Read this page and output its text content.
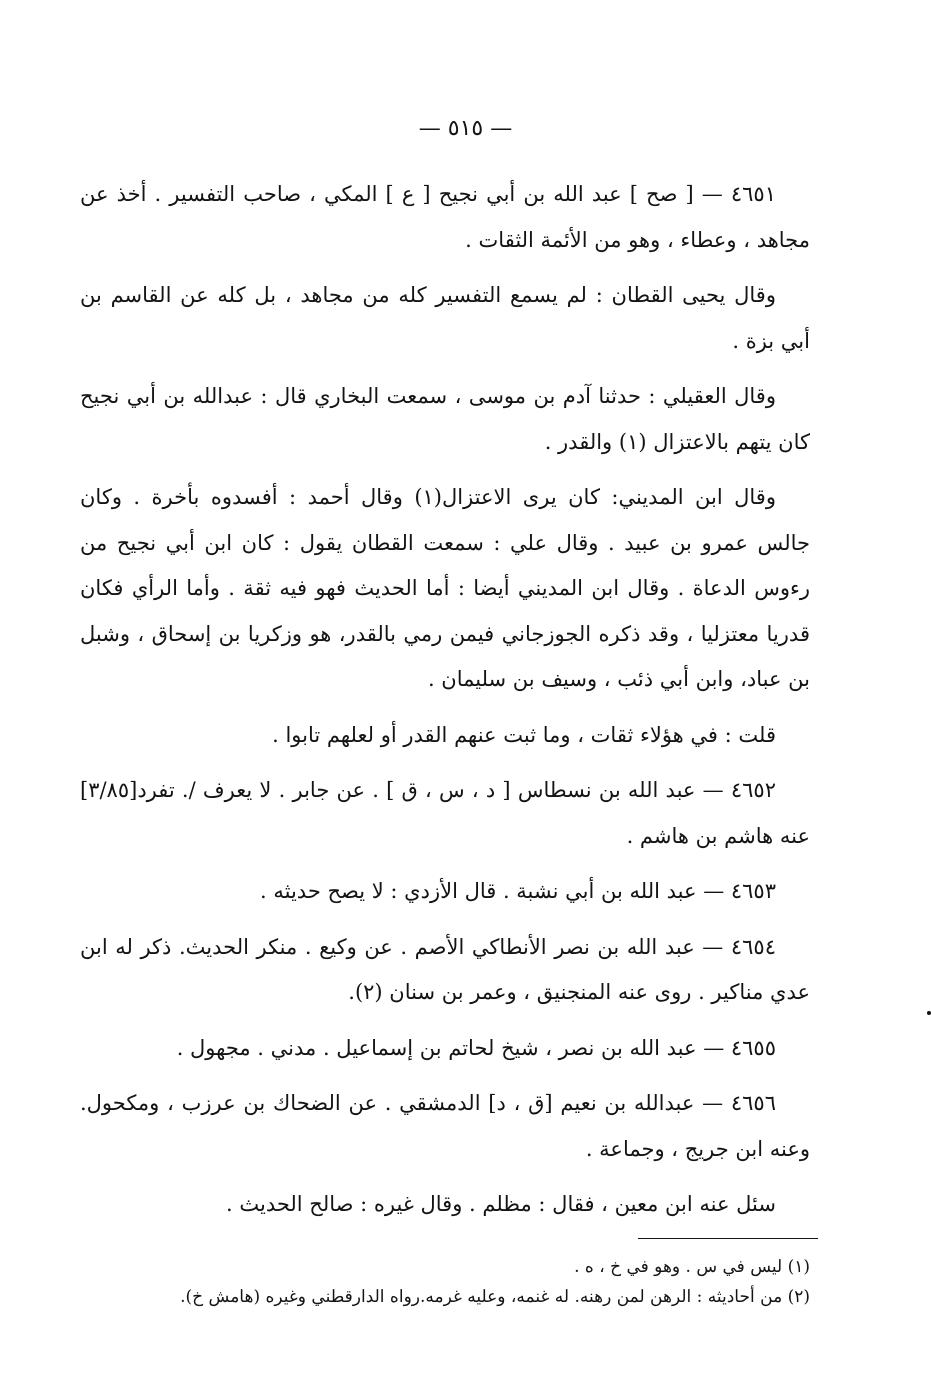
— ٥١٥ —

٤٦٥١ — [ صح ] عبد الله بن أبي نجيح [ ع ] المكي ، صاحب التفسير . أخذ عن مجاهد ، وعطاء ، وهو من الأئمة الثقات .

وقال يحيى القطان : لم يسمع التفسير كله من مجاهد ، بل كله عن القاسم بن أبي بزة .

وقال العقيلي : حدثنا آدم بن موسى ، سمعت البخاري قال : عبدالله بن أبي نجيح كان يتهم بالاعتزال (١) والقدر .

وقال ابن المديني: كان يرى الاعتزال(١) وقال أحمد : أفسدوه بأخرة . وكان جالس عمرو بن عبيد . وقال علي : سمعت القطان يقول : كان ابن أبي نجيح من رءوس الدعاة . وقال ابن المديني أيضا : أما الحديث فهو فيه ثقة . وأما الرأي فكان قدريا معتزليا ، وقد ذكره الجوزجاني فيمن رمي بالقدر، هو وزكريا بن إسحاق ، وشبل بن عباد، وابن أبي ذئب ، وسيف بن سليمان .

قلت : في هؤلاء ثقات ، وما ثبت عنهم القدر أو لعلهم تابوا .

٤٦٥٢ — عبد الله بن نسطاس [ د ، س ، ق ] . عن جابر . لا يعرف /. تفرد[٣/٨٥] عنه هاشم بن هاشم .

٤٦٥٣ — عبد الله بن أبي نشبة . قال الأزدي : لا يصح حديثه .

٤٦٥٤ — عبد الله بن نصر الأنطاكي الأصم . عن وكيع . منكر الحديث. ذكر له ابن عدي مناكير . روى عنه المنجنيق ، وعمر بن سنان (٢).

٤٦٥٥ — عبد الله بن نصر ، شيخ لحاتم بن إسماعيل . مدني . مجهول .

٤٦٥٦ — عبدالله بن نعيم [ق ، د] الدمشقي . عن الضحاك بن عرزب ، ومكحول. وعنه ابن جريج ، وجماعة .

سئل عنه ابن معين ، فقال : مظلم . وقال غيره : صالح الحديث .

(١) ليس في س . وهو في خ ، ه .
(٢) من أحاديثه : الرهن لمن رهنه. له غنمه، وعليه غرمه.رواه الدارقطني وغيره (هامش خ).
